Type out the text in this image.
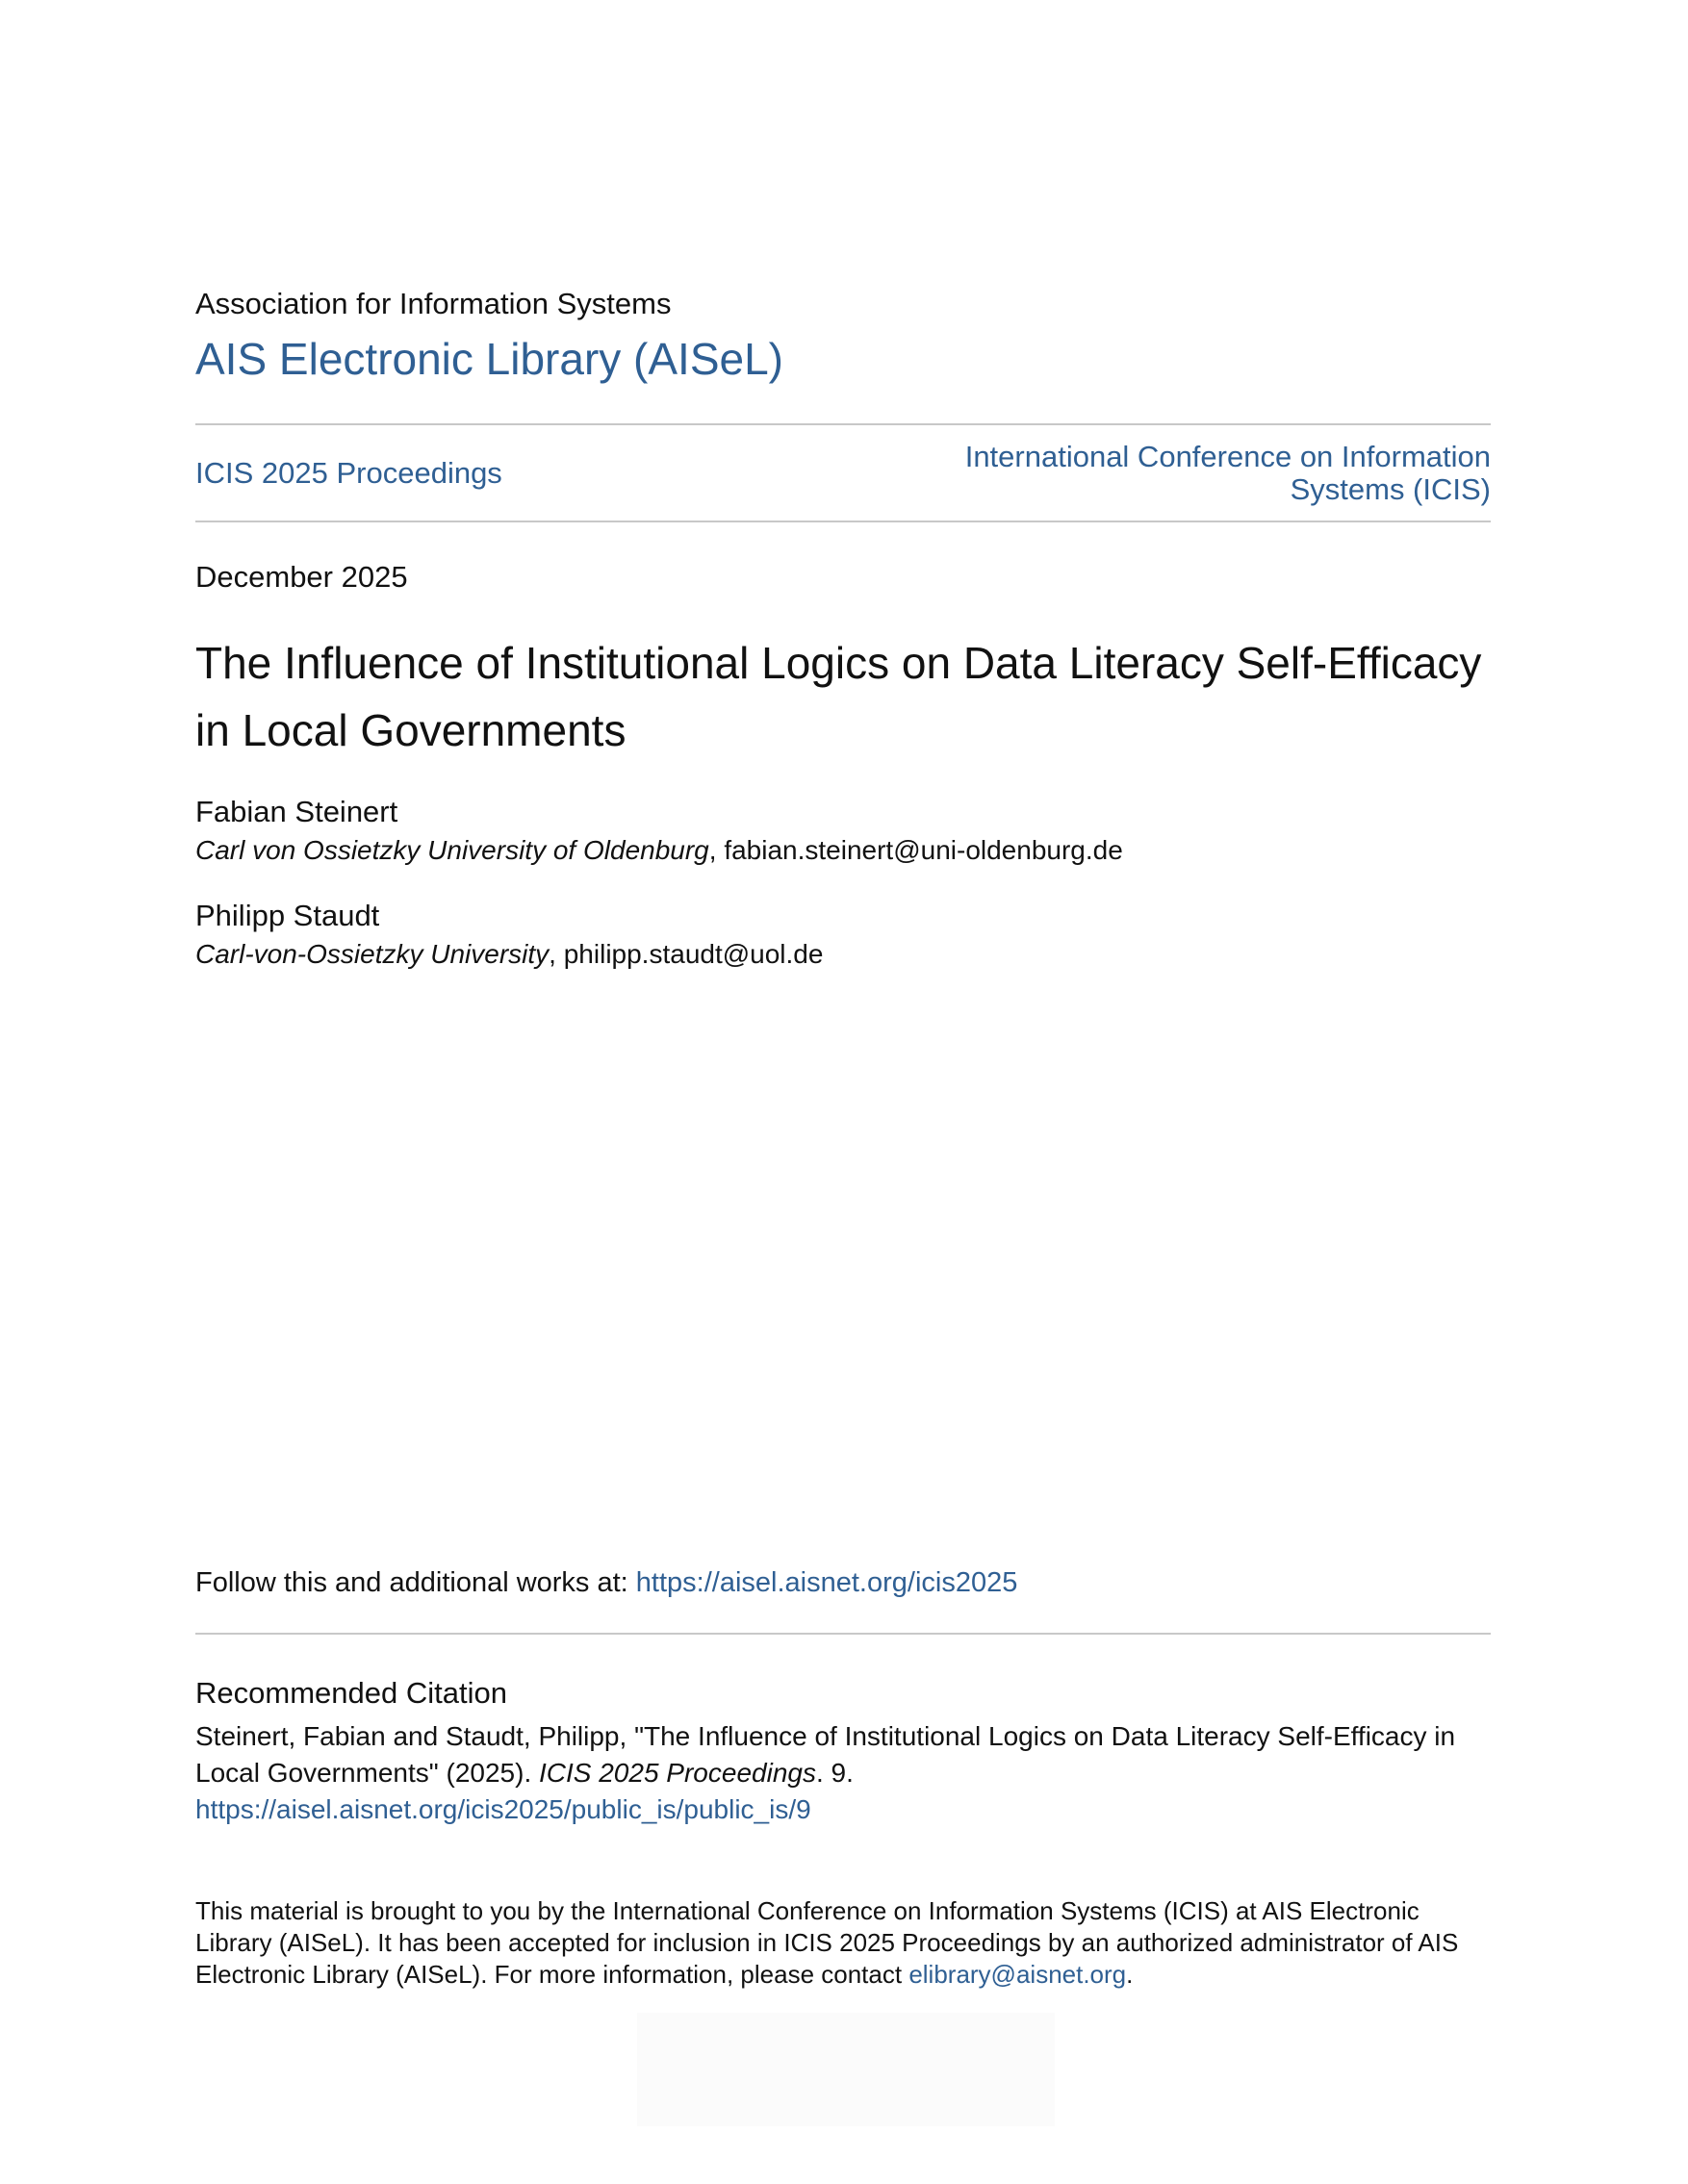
Association for Information Systems

AIS Electronic Library (AISeL)
ICIS 2025 Proceedings	International Conference on Information
Systems (ICIS)
December 2025
The Influence of Institutional Logics on Data Literacy Self-Efficacy
in Local Governments

Fabian Steinert

Carl von Ossietzky University of Oldenburg, fabian.steinert@uni-oldenburg.de

Philipp Staudt

Carl-von-Ossietzky University, philipp.staudt@uol.de

Follow this and additional works at: https://aisel.aisnet.org/icis2025
Recommended Citation
Steinert, Fabian and Staudt, Philipp, "The Influence of Institutional Logics on Data Literacy Self-Efficacy in
Local Governments" (2025). ICIS 2025 Proceedings. 9.
https://aisel.aisnet.org/icis2025/public_is/public_is/9
This material is brought to you by the International Conference on Information Systems (ICIS) at AIS Electronic
Library (AISeL). It has been accepted for inclusion in ICIS 2025 Proceedings by an authorized administrator of AIS
Electronic Library (AISeL). For more information, please contact elibrary@aisnet.org.
